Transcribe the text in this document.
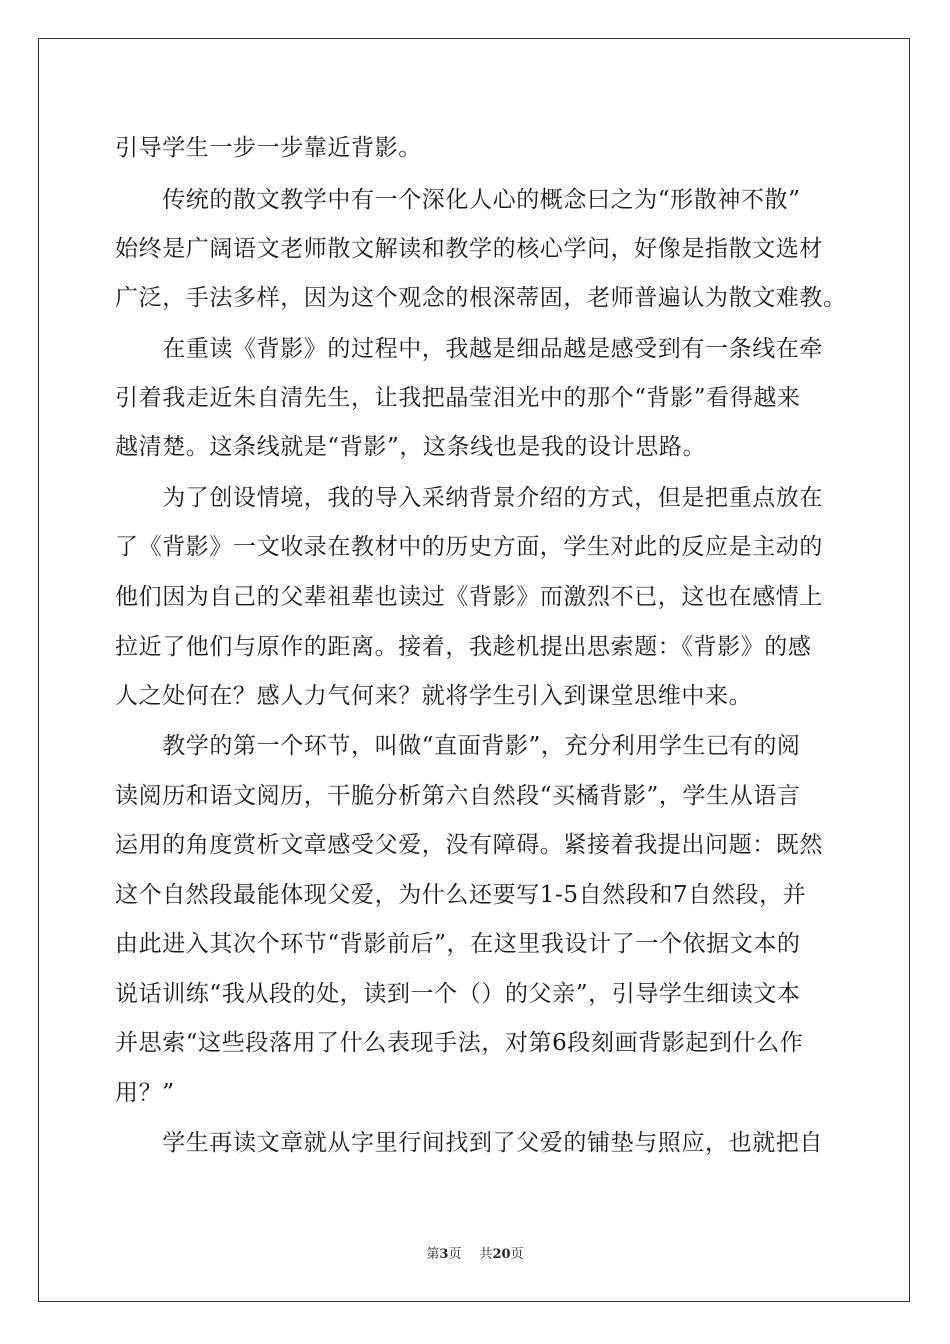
引导学生一步一步靠近背影。
　　传统的散文教学中有一个深化人心的概念曰之为“形散神不散”
始终是广阔语文老师散文解读和教学的核心学问，好像是指散文选材
广泛，手法多样，因为这个观念的根深蒂固，老师普遍认为散文难教。
　　在重读《背影》的过程中，我越是细品越是感受到有一条线在牵
引着我走近朱自清先生，让我把晶莹泪光中的那个“背影”看得越来
越清楚。这条线就是“背影”，这条线也是我的设计思路。
　　为了创设情境，我的导入采纳背景介绍的方式，但是把重点放在
了《背影》一文收录在教材中的历史方面，学生对此的反应是主动的
他们因为自己的父辈祖辈也读过《背影》而激烈不已，这也在感情上
拉近了他们与原作的距离。接着，我趁机提出思索题：《背影》的感
人之处何在？感人力气何来？就将学生引入到课堂思维中来。
　　教学的第一个环节，叫做“直面背影”，充分利用学生已有的阅
读阅历和语文阅历，干脆分析第六自然段“买橘背影”，学生从语言
运用的角度赏析文章感受父爱，没有障碍。紧接着我提出问题：既然
这个自然段最能体现父爱，为什么还要写1-5自然段和7自然段，并
由此进入其次个环节“背影前后”，在这里我设计了一个依据文本的
说话训练“我从段的处，读到一个（）的父亲”，引导学生细读文本
并思索“这些段落用了什么表现手法，对第6段刻画背影起到什么作
用？”
　　学生再读文章就从字里行间找到了父爱的铺垫与照应，也就把自
第3页 共20页
